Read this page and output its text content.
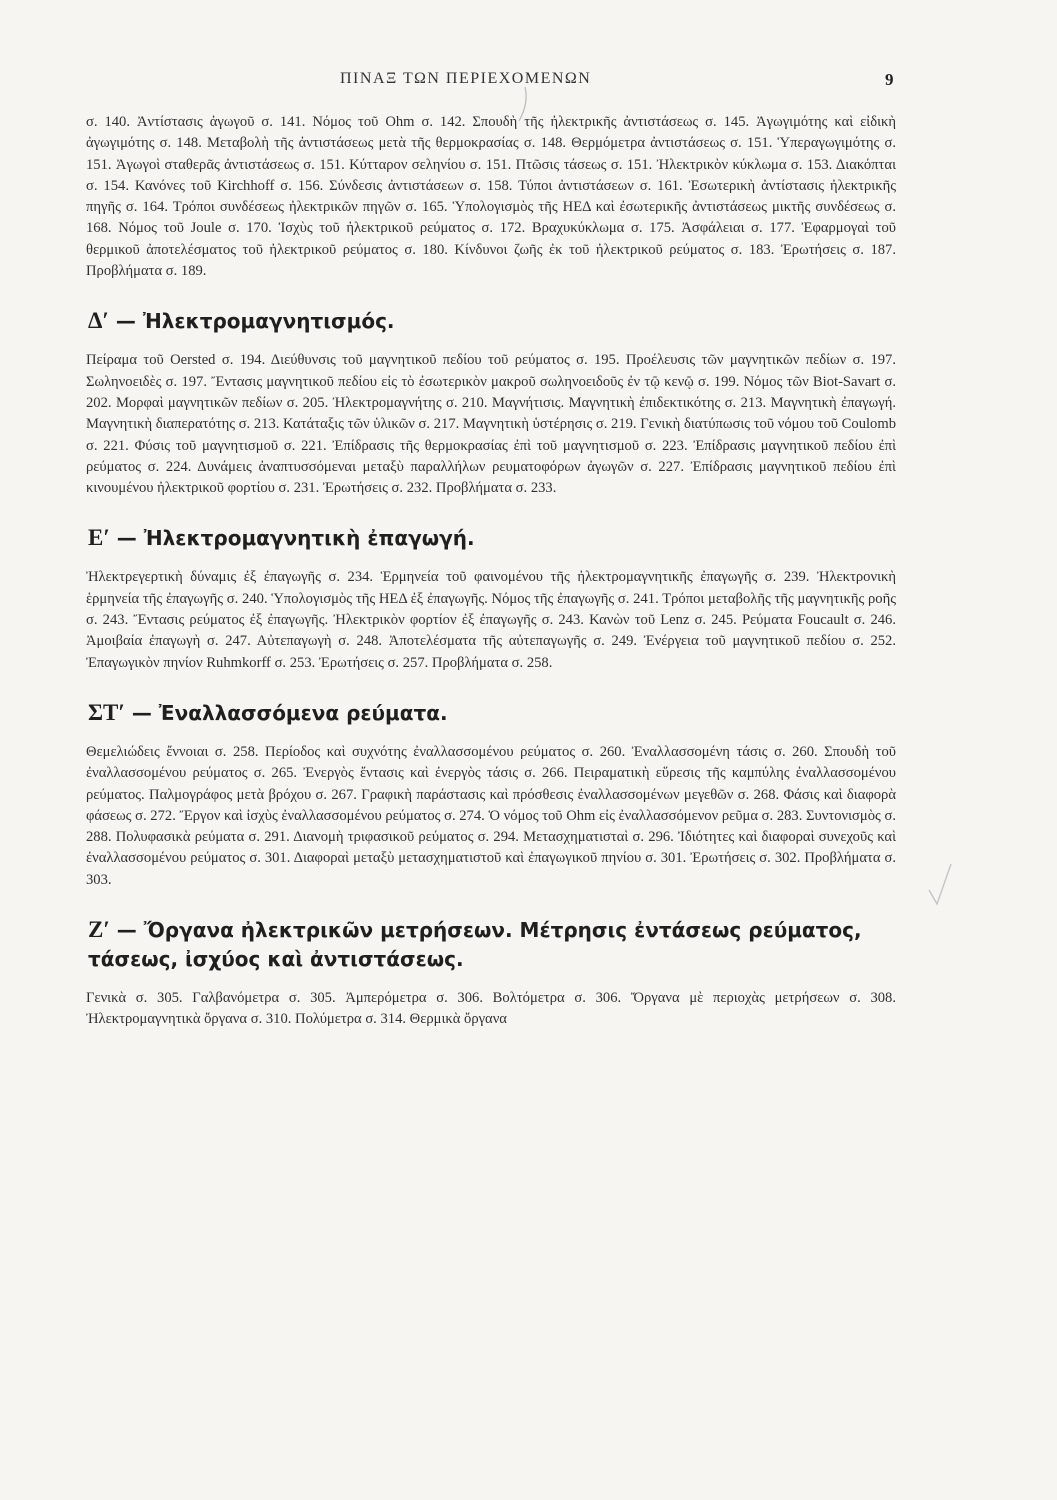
ΠΙΝΑΞ ΤΩΝ ΠΕΡΙΕΧΟΜΕΝΩΝ	9

σ. 140. Ἀντίστασις ἀγωγοῦ σ. 141. Νόμος τοῦ Ohm σ. 142. Σπουδὴ τῆς ἠλεκτρικῆς ἀντιστάσεως σ. 145. Ἀγωγιμότης καὶ εἰδικὴ ἀγωγιμότης σ. 148. Μεταβολὴ τῆς ἀντιστάσεως μετὰ τῆς θερμοκρασίας σ. 148. Θερμόμετρα ἀντιστάσεως σ. 151. Ὑπεραγωγιμότης σ. 151. Ἀγωγοὶ σταθερᾶς ἀντιστάσεως σ. 151. Κύτταρον σεληνίου σ. 151. Πτῶσις τάσεως σ. 151. Ἠλεκτρικὸν κύκλωμα σ. 153. Διακόπται σ. 154. Κανόνες τοῦ Kirchhoff σ. 156. Σύνδεσις ἀντιστάσεων σ. 158. Τύποι ἀντιστάσεων σ. 161. Ἐσωτερικὴ ἀντίστασις ἠλεκτρικῆς πηγῆς σ. 164. Τρόποι συνδέσεως ἠλεκτρικῶν πηγῶν σ. 165. Ὑπολογισμὸς τῆς ΗΕΔ καὶ ἐσωτερικῆς ἀντιστάσεως μικτῆς συνδέσεως σ. 168. Νόμος τοῦ Joule σ. 170. Ἰσχὺς τοῦ ἠλεκτρικοῦ ρεύματος σ. 172. Βραχυκύκλωμα σ. 175. Ἀσφάλειαι σ. 177. Ἐφαρμογαὶ τοῦ θερμικοῦ ἀποτελέσματος τοῦ ἠλεκτρικοῦ ρεύματος σ. 180. Κίνδυνοι ζωῆς ἐκ τοῦ ἠλεκτρικοῦ ρεύματος σ. 183. Ἐρωτήσεις σ. 187. Προβλήματα σ. 189.

Δʹ — Ἠλεκτρομαγνητισμός.

Πείραμα τοῦ Oersted σ. 194. Διεύθυνσις τοῦ μαγνητικοῦ πεδίου τοῦ ρεύματος σ. 195. Προέλευσις τῶν μαγνητικῶν πεδίων σ. 197. Σωληνοειδὲς σ. 197. Ἔντασις μαγνητικοῦ πεδίου εἰς τὸ ἐσωτερικὸν μακροῦ σωληνοειδοῦς ἐν τῷ κενῷ σ. 199. Νόμος τῶν Biot-Savart σ. 202. Μορφαὶ μαγνητικῶν πεδίων σ. 205. Ἠλεκτρομαγνήτης σ. 210. Μαγνήτισις. Μαγνητικὴ ἐπιδεκτικότης σ. 213. Μαγνητικὴ ἐπαγωγή. Μαγνητικὴ διαπερατότης σ. 213. Κατάταξις τῶν ὑλικῶν σ. 217. Μαγνητικὴ ὑστέρησις σ. 219. Γενικὴ διατύπωσις τοῦ νόμου τοῦ Coulomb σ. 221. Φύσις τοῦ μαγνητισμοῦ σ. 221. Ἐπίδρασις τῆς θερμοκρασίας ἐπὶ τοῦ μαγνητισμοῦ σ. 223. Ἐπίδρασις μαγνητικοῦ πεδίου ἐπὶ ρεύματος σ. 224. Δυνάμεις ἀναπτυσσόμεναι μεταξὺ παραλλήλων ρευματοφόρων ἀγωγῶν σ. 227. Ἐπίδρασις μαγνητικοῦ πεδίου ἐπὶ κινουμένου ἠλεκτρικοῦ φορτίου σ. 231. Ἐρωτήσεις σ. 232. Προβλήματα σ. 233.

Εʹ — Ἠλεκτρομαγνητικὴ ἐπαγωγή.

Ἠλεκτρεγερτικὴ δύναμις ἐξ ἐπαγωγῆς σ. 234. Ἑρμηνεία τοῦ φαινομένου τῆς ἠλεκτρομαγνητικῆς ἐπαγωγῆς σ. 239. Ἠλεκτρονικὴ ἑρμηνεία τῆς ἐπαγωγῆς σ. 240. Ὑπολογισμὸς τῆς ΗΕΔ ἐξ ἐπαγωγῆς. Νόμος τῆς ἐπαγωγῆς σ. 241. Τρόποι μεταβολῆς τῆς μαγνητικῆς ροῆς σ. 243. Ἔντασις ρεύματος ἐξ ἐπαγωγῆς. Ἠλεκτρικὸν φορτίον ἐξ ἐπαγωγῆς σ. 243. Κανὼν τοῦ Lenz σ. 245. Ρεύματα Foucault σ. 246. Ἀμοιβαία ἐπαγωγὴ σ. 247. Αὐτεπαγωγὴ σ. 248. Ἀποτελέσματα τῆς αὐτεπαγωγῆς σ. 249. Ἐνέργεια τοῦ μαγνητικοῦ πεδίου σ. 252. Ἐπαγωγικὸν πηνίον Ruhmkorff σ. 253. Ἐρωτήσεις σ. 257. Προβλήματα σ. 258.

ΣΤʹ — Ἐναλλασσόμενα ρεύματα.

Θεμελιώδεις ἔννοιαι σ. 258. Περίοδος καὶ συχνότης ἐναλλασσομένου ρεύματος σ. 260. Ἐναλλασσομένη τάσις σ. 260. Σπουδὴ τοῦ ἐναλλασσομένου ρεύματος σ. 265. Ἐνεργὸς ἔντασις καὶ ἐνεργὸς τάσις σ. 266. Πειραματικὴ εὕρεσις τῆς καμπύλης ἐναλλασσομένου ρεύματος. Παλμογράφος μετὰ βρόχου σ. 267. Γραφικὴ παράστασις καὶ πρόσθεσις ἐναλλασσομένων μεγεθῶν σ. 268. Φάσις καὶ διαφορὰ φάσεως σ. 272. Ἔργον καὶ ἰσχὺς ἐναλλασσομένου ρεύματος σ. 274. Ὁ νόμος τοῦ Ohm εἰς ἐναλλασσόμενον ρεῦμα σ. 283. Συντονισμὸς σ. 288. Πολυφασικὰ ρεύματα σ. 291. Διανομὴ τριφασικοῦ ρεύματος σ. 294. Μετασχηματισταὶ σ. 296. Ἰδιότητες καὶ διαφοραὶ συνεχοῦς καὶ ἐναλλασσομένου ρεύματος σ. 301. Διαφοραὶ μεταξὺ μετασχηματιστοῦ καὶ ἐπαγωγικοῦ πηνίου σ. 301. Ἐρωτήσεις σ. 302. Προβλήματα σ. 303.

Ζʹ — Ὄργανα ἠλεκτρικῶν μετρήσεων. Μέτρησις ἐντάσεως ρεύματος, τάσεως, ἰσχύος καὶ ἀντιστάσεως.

Γενικὰ σ. 305. Γαλβανόμετρα σ. 305. Ἀμπερόμετρα σ. 306. Βολτόμετρα σ. 306. Ὄργανα μὲ περιοχὰς μετρήσεων σ. 308. Ἠλεκτρομαγνητικὰ ὄργανα σ. 310. Πολύμετρα σ. 314. Θερμικὰ ὄργανα
